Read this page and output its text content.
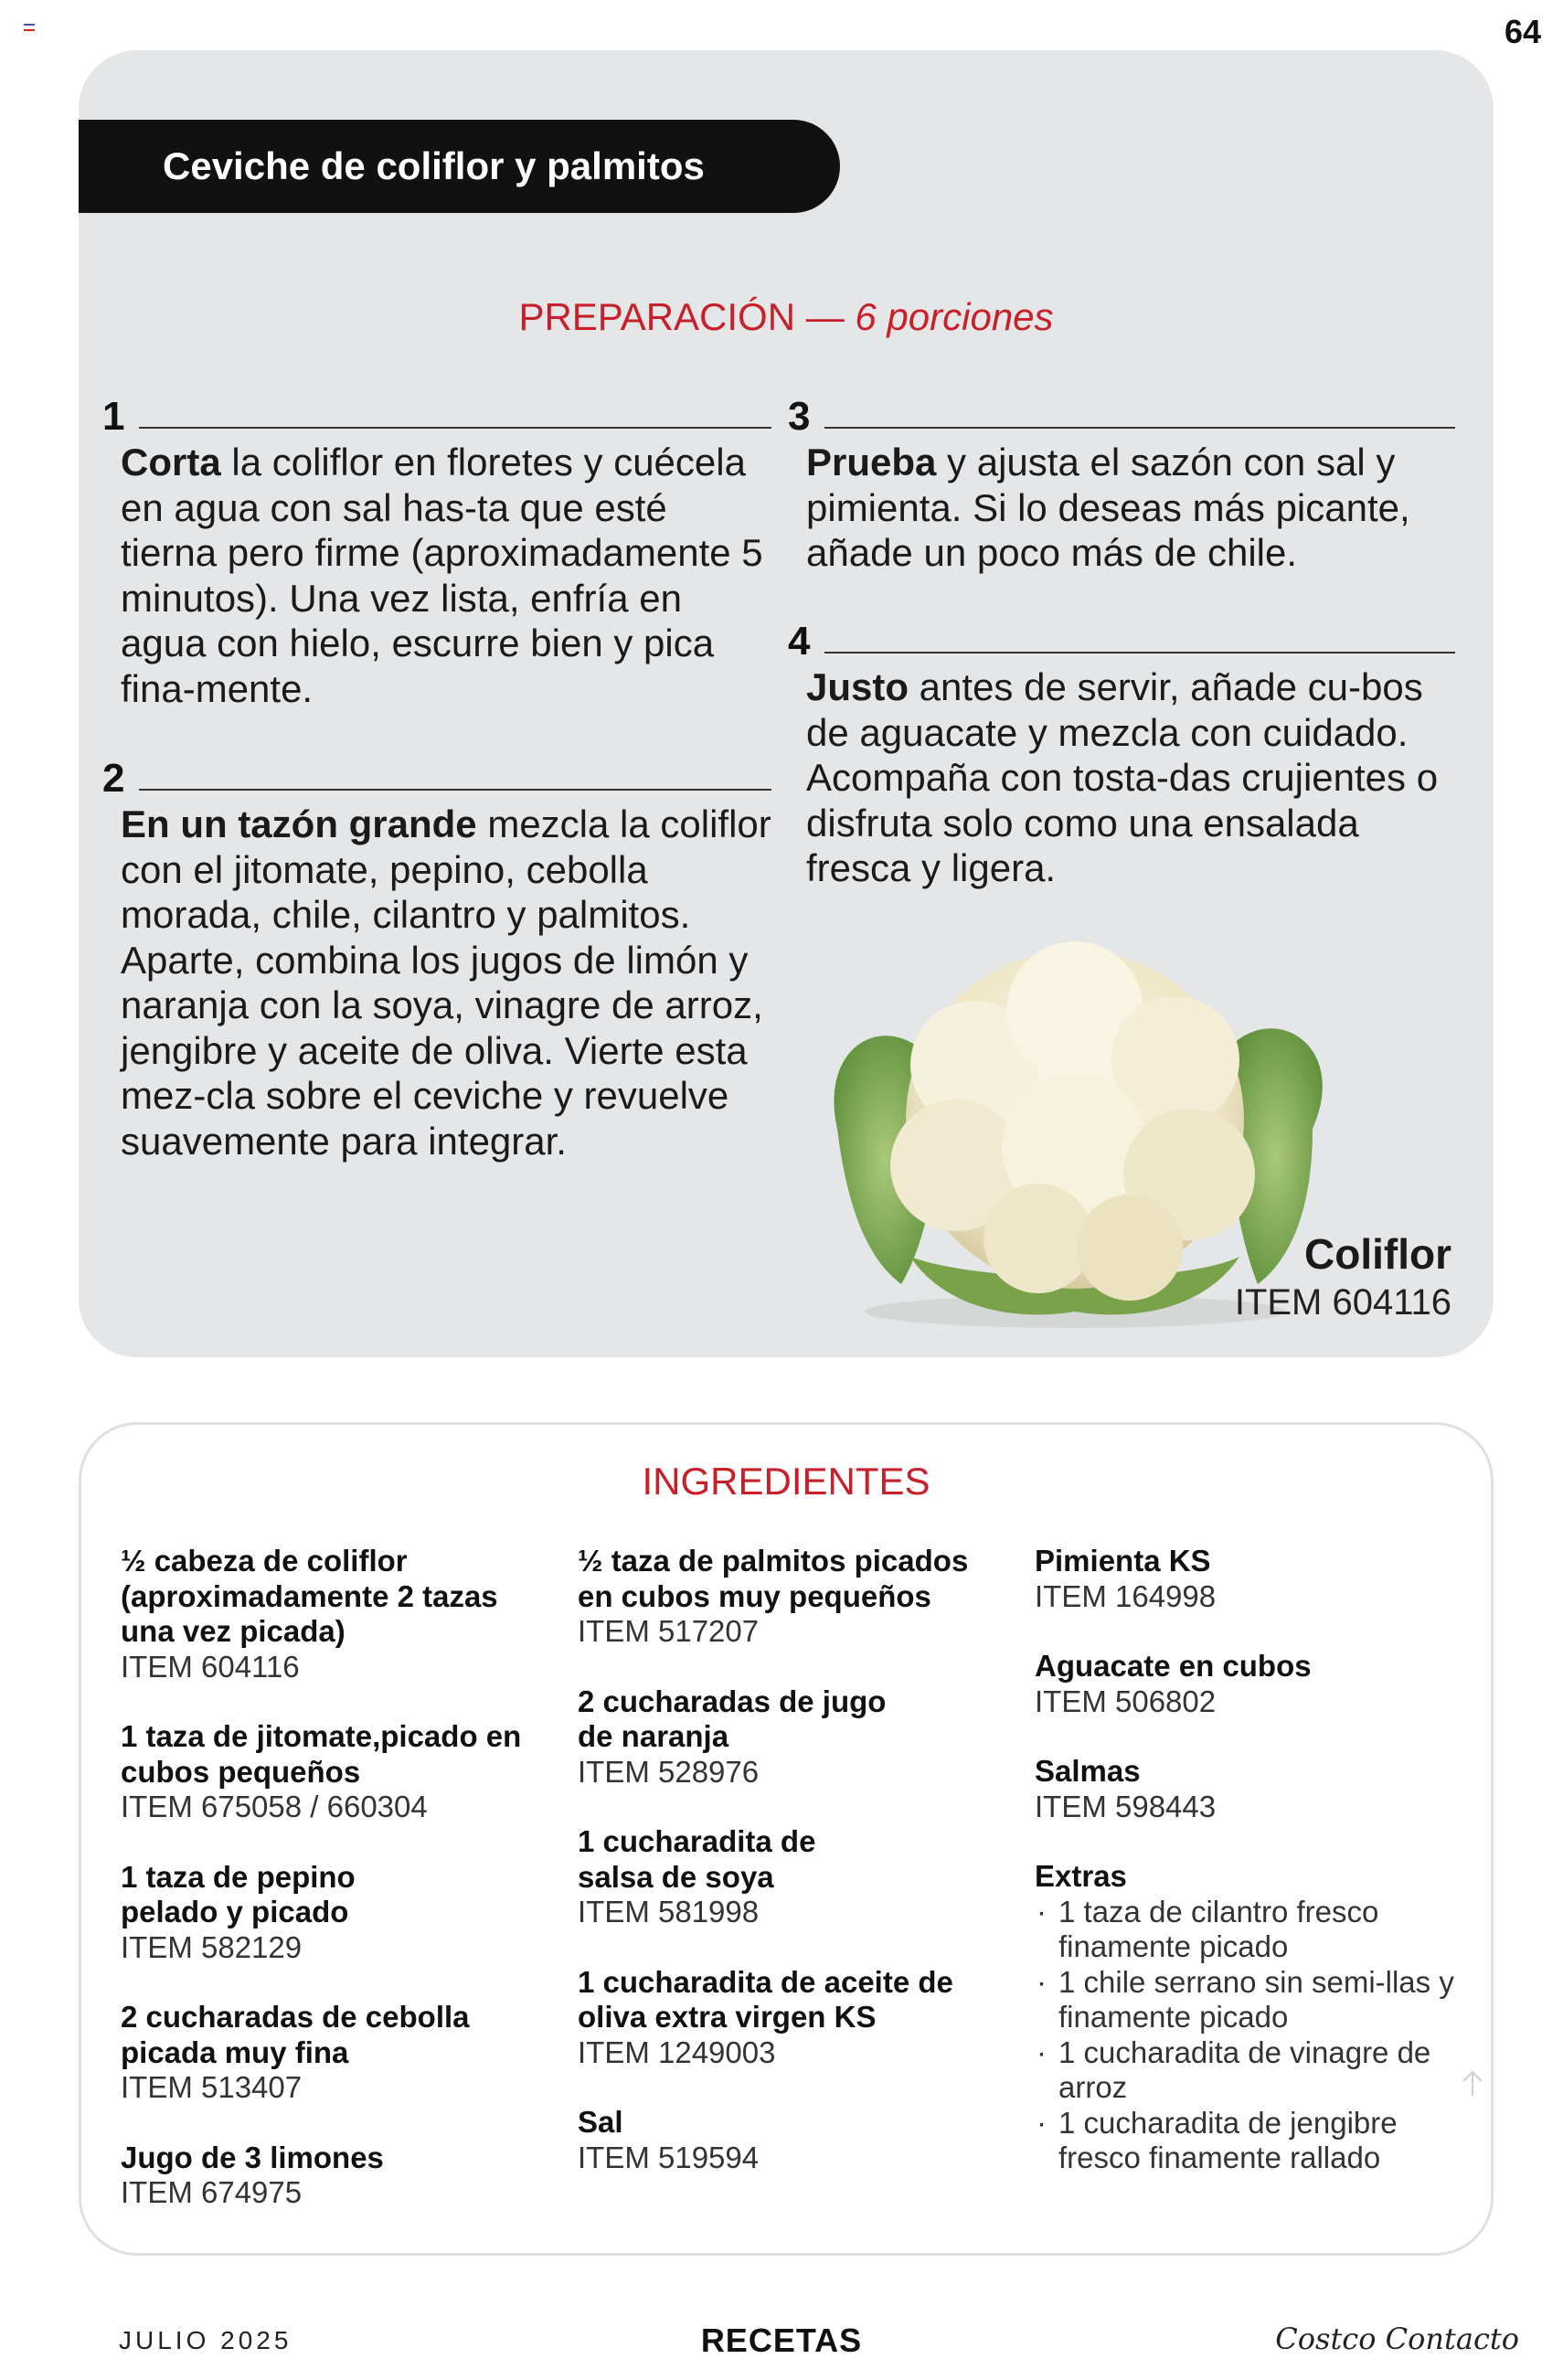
64
Ceviche de coliflor y palmitos
PREPARACIÓN — 6 porciones
1
Corta la coliflor en floretes y cuécela en agua con sal has-ta que esté tierna pero firme (aproximadamente 5 minutos). Una vez lista, enfría en agua con hielo, escurre bien y pica fina-mente.
2
En un tazón grande mezcla la coliflor con el jitomate, pepino, cebolla morada, chile, cilantro y palmitos. Aparte, combina los jugos de limón y naranja con la soya, vinagre de arroz, jengibre y aceite de oliva. Vierte esta mez-cla sobre el ceviche y revuelve suavemente para integrar.
3
Prueba y ajusta el sazón con sal y pimienta. Si lo deseas más picante, añade un poco más de chile.
4
Justo antes de servir, añade cu-bos de aguacate y mezcla con cuidado. Acompaña con tosta-das crujientes o disfruta solo como una ensalada fresca y ligera.
Coliflor
ITEM 604116
INGREDIENTES
½ cabeza de coliflor (aproximadamente 2 tazas una vez picada)
ITEM 604116
1 taza de jitomate,picado en cubos pequeños
ITEM 675058 / 660304
1 taza de pepino pelado y picado
ITEM 582129
2 cucharadas de cebolla picada muy fina
ITEM 513407
Jugo de 3 limones
ITEM 674975
½ taza de palmitos picados en cubos muy pequeños
ITEM 517207
2 cucharadas de jugo de naranja
ITEM 528976
1 cucharadita de salsa de soya
ITEM 581998
1 cucharadita de aceite de oliva extra virgen KS
ITEM 1249003
Sal
ITEM 519594
Pimienta KS
ITEM 164998
Aguacate en cubos
ITEM 506802
Salmas
ITEM 598443
Extras
· 1 taza de cilantro fresco finamente picado
· 1 chile serrano sin semi-llas y finamente picado
· 1 cucharadita de vinagre de arroz
· 1 cucharadita de jengibre fresco finamente rallado
JULIO 2025	RECETAS	Costco Contacto
